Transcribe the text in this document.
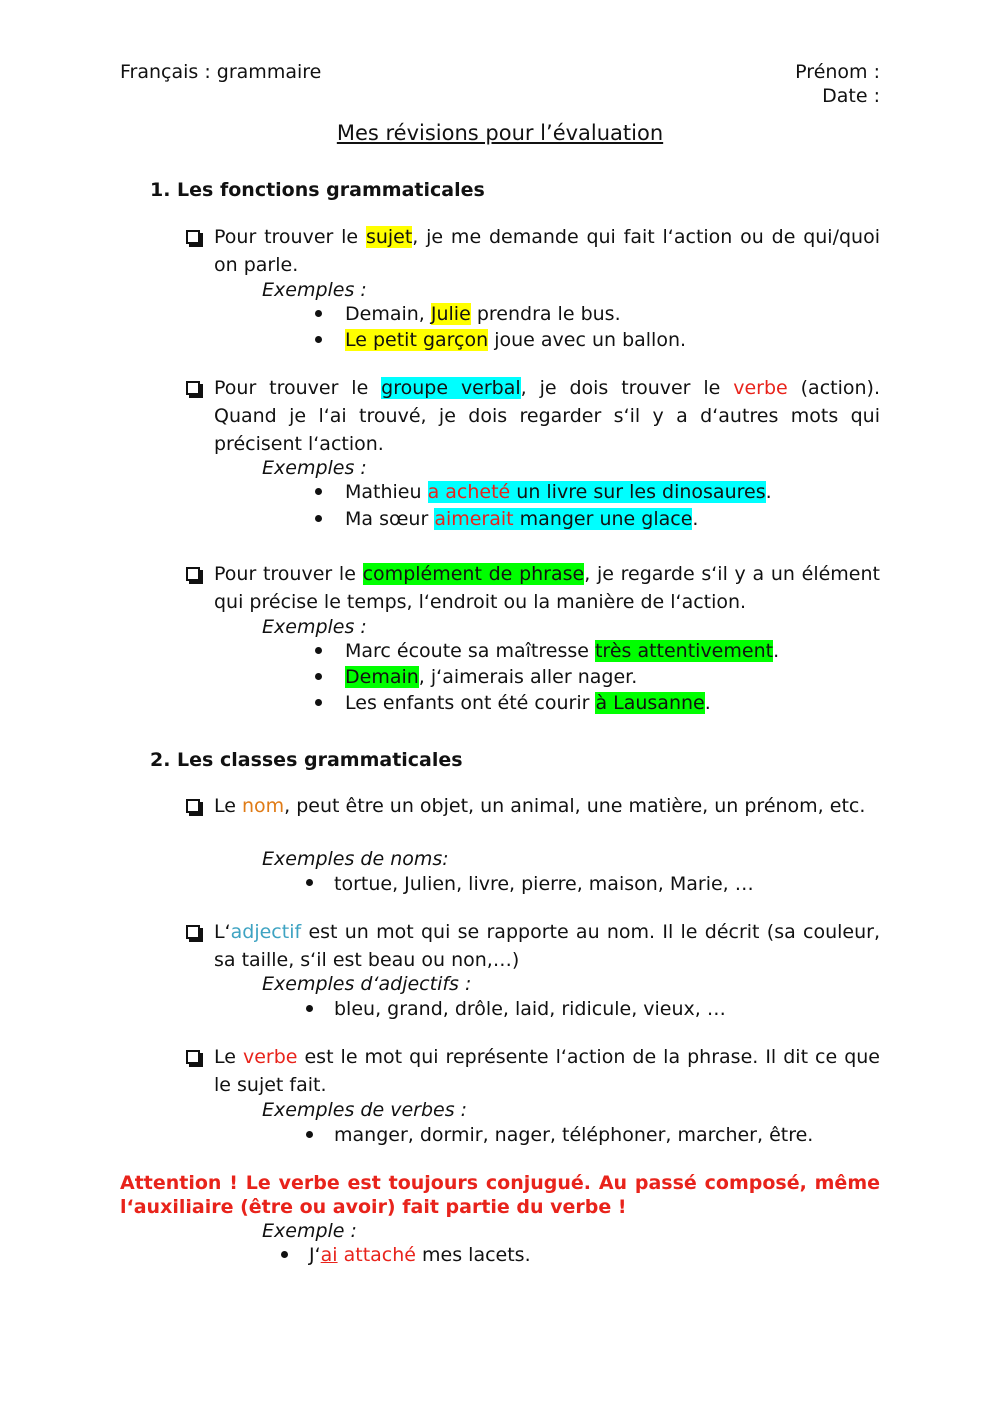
Français : grammaire	Prénom :
Date :
Mes révisions pour l’évaluation
1. Les fonctions grammaticales
Pour trouver le sujet, je me demande qui fait l‘action ou de qui/quoi on parle.
Exemples :
Demain, Julie prendra le bus.
Le petit garçon joue avec un ballon.
Pour trouver le groupe verbal, je dois trouver le verbe (action). Quand je l‘ai trouvé, je dois regarder s‘il y a d‘autres mots qui précisent l‘action.
Exemples :
Mathieu a acheté un livre sur les dinosaures.
Ma sœur aimerait manger une glace.
Pour trouver le complément de phrase, je regarde s‘il y a un élément qui précise le temps, l‘endroit ou la manière de l‘action.
Exemples :
Marc écoute sa maîtresse très attentivement.
Demain, j‘aimerais aller nager.
Les enfants ont été courir à Lausanne.
2. Les classes grammaticales
Le nom, peut être un objet, un animal, une matière, un prénom, etc.
Exemples de noms:
tortue, Julien, livre, pierre, maison, Marie, …
L‘adjectif est un mot qui se rapporte au nom. Il le décrit (sa couleur, sa taille, s‘il est beau ou non,…)
Exemples d‘adjectifs :
bleu, grand, drôle, laid, ridicule, vieux, …
Le verbe est le mot qui représente l‘action de la phrase. Il dit ce que le sujet fait.
Exemples de verbes :
manger, dormir, nager, téléphoner, marcher, être.
Attention ! Le verbe est toujours conjugué. Au passé composé, même l‘auxiliaire (être ou avoir) fait partie du verbe !
Exemple :
J‘ai attaché mes lacets.
